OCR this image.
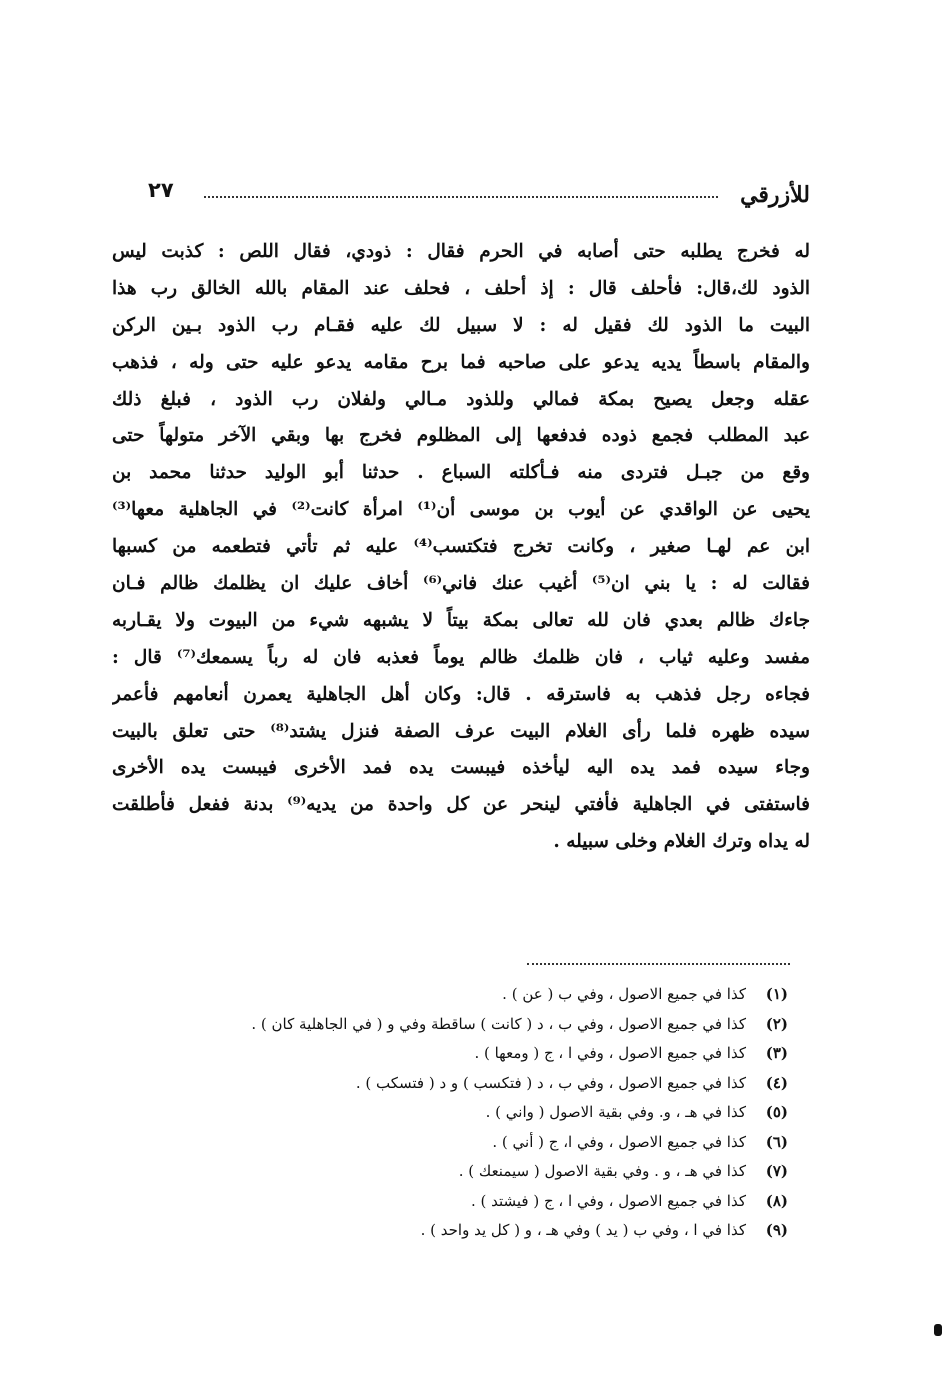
٢٧	للأزرقي
له فخرج يطلبه حتى أصابه في الحرم فقال : ذودي، فقال اللص : كذبت ليس
الذود لك،قال: فأحلف قال : إذ أحلف ، فحلف عند المقام بالله الخالق رب هذا
البيت ما الذود لك فقيل له : لا سبيل لك عليه فقـام رب الذود بـين الركن
والمقام باسطاً يديه يدعو على صاحبه فما برح مقامه يدعو عليه حتى وله ، فذهب
عقله وجعل يصيح بمكة فمالي وللذود مـالي ولفلان رب الذود ، فبلغ ذلك
عبد المطلب فجمع ذوده فدفعها إلى المظلوم فخرج بها وبقي الآخر متولهاً حتى
وقع من جبـل فتردى منه فـأكلته السباع . حدثنا أبو الوليد حدثنا محمد بن
يحيى عن الواقدي عن أيوب بن موسى أن⁽¹⁾ امرأة كانت⁽²⁾ في الجاهلية معها⁽³⁾
ابن عم لهـا صغير ، وكانت تخرج فتكتسب⁽⁴⁾ عليه ثم تأتي فتطعمه من كسبها
فقالت له : يا بني ان⁽⁵⁾ أغيب عنك فاني⁽⁶⁾ أخاف عليك ان يظلمك ظالم فـان
جاءك ظالم بعدي فان لله تعالى بمكة بيتاً لا يشبهه شيء من البيوت ولا يقـاربه
مفسد وعليه ثياب ، فان ظلمك ظالم يوماً فعذبه فان له رباً يسمعك⁽⁷⁾ قال :
فجاءه رجل فذهب به فاسترقه . قال: وكان أهل الجاهلية يعمرن أنعامهم فأعمر
سيده ظهره فلما رأى الغلام البيت عرف الصفة فنزل يشتد⁽⁸⁾ حتى تعلق بالبيت
وجاء سيده فمد يده اليه ليأخذه فيبست يده فمد الأخرى فيبست يده الأخرى
فاستفتى في الجاهلية فأفتي لينحر عن كل واحدة من يديه⁽⁹⁾ بدنة ففعل فأطلقت
له يداه وترك الغلام وخلى سبيله .
(١)كذا في جميع الاصول ، وفي ب ( عن ) .
(٢)كذا في جميع الاصول ، وفي ب ، د ( كانت ) ساقطة وفي و ( في الجاهلية كان ) .
(٣)كذا في جميع الاصول ، وفي ا ، ج ( ومعها ) .
(٤)كذا في جميع الاصول ، وفي ب ، د ( فتكسب ) و د ( فتسكب ) .
(٥)كذا في هـ ، و. وفي بقية الاصول ( واني ) .
(٦)كذا في جميع الاصول ، وفي ا، ج ( أني ) .
(٧)كذا في هـ ، و . وفي بقية الاصول ( سيمنعك ) .
(٨)كذا في جميع الاصول ، وفي ا ، ج ( فيشتد ) .
(٩)كذا في ا ، وفي ب ( يد ) وفي هـ ، و ( كل يد واحد ) .
